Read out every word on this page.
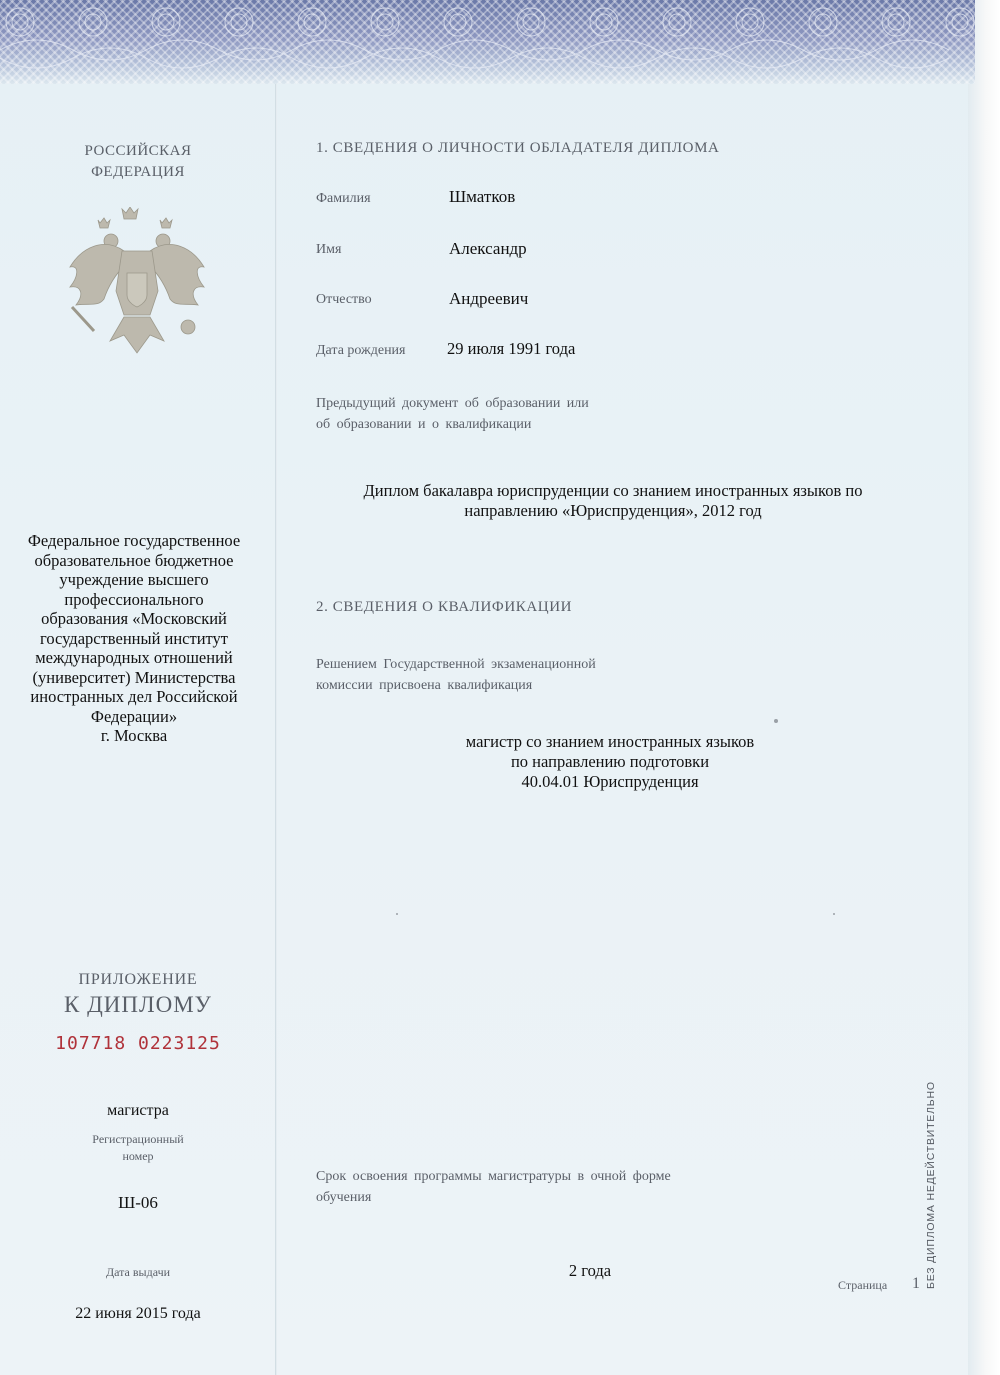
РОССИЙСКАЯ
ФЕДЕРАЦИЯ
Федеральное государственное
образовательное бюджетное
учреждение высшего
профессионального
образования «Московский
государственный институт
международных отношений
(университет) Министерства
иностранных дел Российской
Федерации»
г. Москва
ПРИЛОЖЕНИЕ
К ДИПЛОМУ
107718 0223125
магистра
Регистрационный
номер
Ш-06
Дата выдачи
22 июня 2015 года
1. СВЕДЕНИЯ О ЛИЧНОСТИ ОБЛАДАТЕЛЯ ДИПЛОМА
Фамилия	Шматков
Имя	Александр
Отчество	Андреевич
Дата рождения	29 июля 1991 года
Предыдущий документ об образовании или
об образовании и о квалификации
Диплом бакалавра юриспруденции со знанием иностранных языков по
направлению «Юриспруденция», 2012 год
2. СВЕДЕНИЯ О КВАЛИФИКАЦИИ
Решением Государственной экзаменационной
комиссии присвоена квалификация
магистр со знанием иностранных языков
по направлению подготовки
40.04.01 Юриспруденция
Срок освоения программы магистратуры в очной форме
обучения
2 года	БЕЗ ДИПЛОМА НЕДЕЙСТВИТЕЛЬНО
Страница 1
